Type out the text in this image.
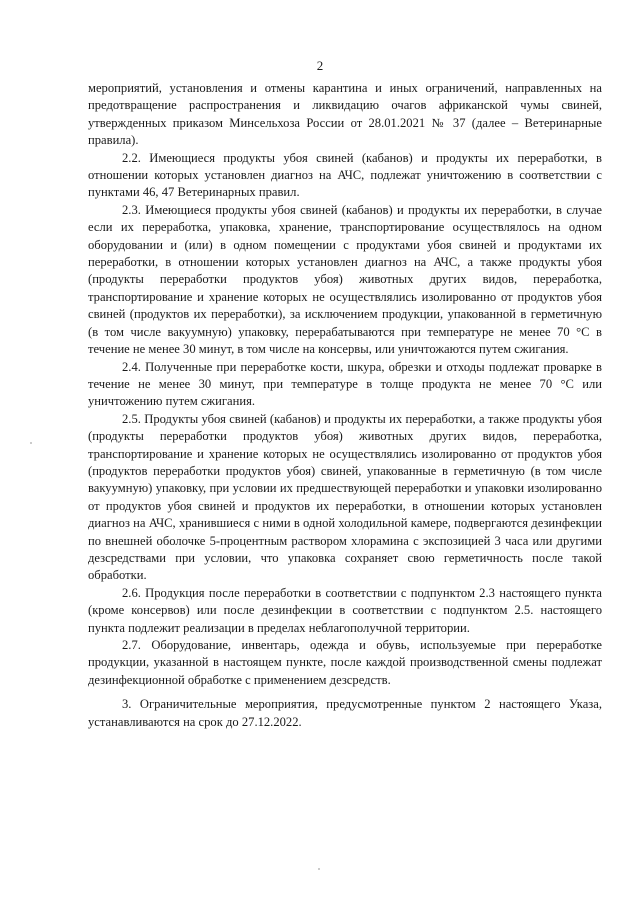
2

мероприятий, установления и отмены карантина и иных ограничений, направленных на предотвращение распространения и ликвидацию очагов африканской чумы свиней, утвержденных приказом Минсельхоза России от 28.01.2021 № 37 (далее – Ветеринарные правила).

2.2. Имеющиеся продукты убоя свиней (кабанов) и продукты их переработки, в отношении которых установлен диагноз на АЧС, подлежат уничтожению в соответствии с пунктами 46, 47 Ветеринарных правил.

2.3. Имеющиеся продукты убоя свиней (кабанов) и продукты их переработки, в случае если их переработка, упаковка, хранение, транспортирование осуществлялось на одном оборудовании и (или) в одном помещении с продуктами убоя свиней и продуктами их переработки, в отношении которых установлен диагноз на АЧС, а также продукты убоя (продукты переработки продуктов убоя) животных других видов, переработка, транспортирование и хранение которых не осуществлялись изолированно от продуктов убоя свиней (продуктов их переработки), за исключением продукции, упакованной в герметичную (в том числе вакуумную) упаковку, перерабатываются при температуре не менее 70 °С в течение не менее 30 минут, в том числе на консервы, или уничтожаются путем сжигания.

2.4. Полученные при переработке кости, шкура, обрезки и отходы подлежат проварке в течение не менее 30 минут, при температуре в толще продукта не менее 70 °С или уничтожению путем сжигания.

2.5. Продукты убоя свиней (кабанов) и продукты их переработки, а также продукты убоя (продукты переработки продуктов убоя) животных других видов, переработка, транспортирование и хранение которых не осуществлялись изолированно от продуктов убоя (продуктов переработки продуктов убоя) свиней, упакованные в герметичную (в том числе вакуумную) упаковку, при условии их предшествующей переработки и упаковки изолированно от продуктов убоя свиней и продуктов их переработки, в отношении которых установлен диагноз на АЧС, хранившиеся с ними в одной холодильной камере, подвергаются дезинфекции по внешней оболочке 5-процентным раствором хлорамина с экспозицией 3 часа или другими дезсредствами при условии, что упаковка сохраняет свою герметичность после такой обработки.

2.6. Продукция после переработки в соответствии с подпунктом 2.3 настоящего пункта (кроме консервов) или после дезинфекции в соответствии с подпунктом 2.5. настоящего пункта подлежит реализации в пределах неблагополучной территории.

2.7. Оборудование, инвентарь, одежда и обувь, используемые при переработке продукции, указанной в настоящем пункте, после каждой производственной смены подлежат дезинфекционной обработке с применением дезсредств.

3. Ограничительные мероприятия, предусмотренные пунктом 2 настоящего Указа, устанавливаются на срок до 27.12.2022.
